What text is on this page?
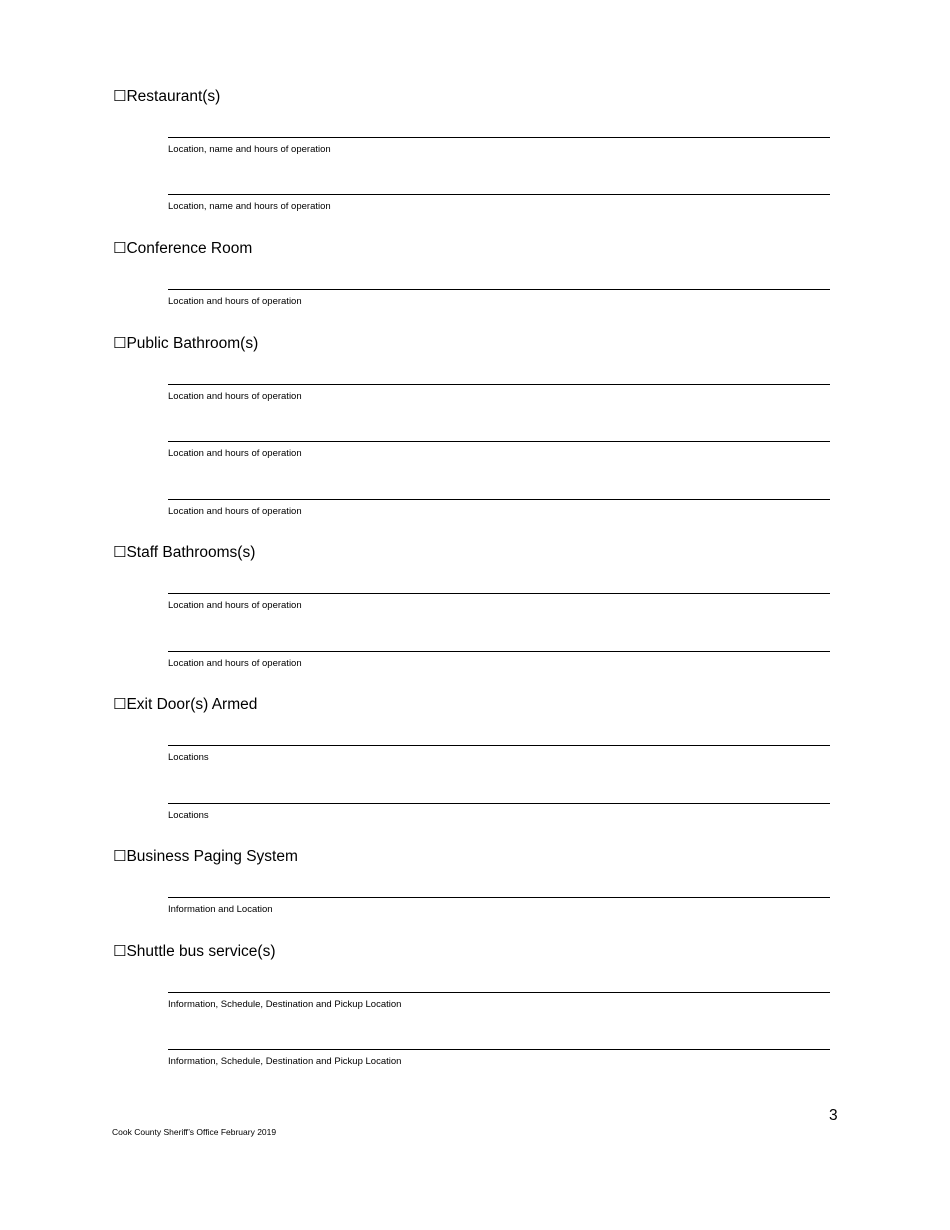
☐Restaurant(s)
Location, name and hours of operation
Location, name and hours of operation
☐Conference Room
Location and hours of operation
☐Public Bathroom(s)
Location and hours of operation
Location and hours of operation
Location and hours of operation
☐Staff Bathrooms(s)
Location and hours of operation
Location and hours of operation
☐Exit Door(s) Armed
Locations
Locations
☐Business Paging System
Information and Location
☐Shuttle bus service(s)
Information, Schedule, Destination and Pickup Location
Information, Schedule, Destination and Pickup Location
3
Cook County Sheriff’s Office February 2019
